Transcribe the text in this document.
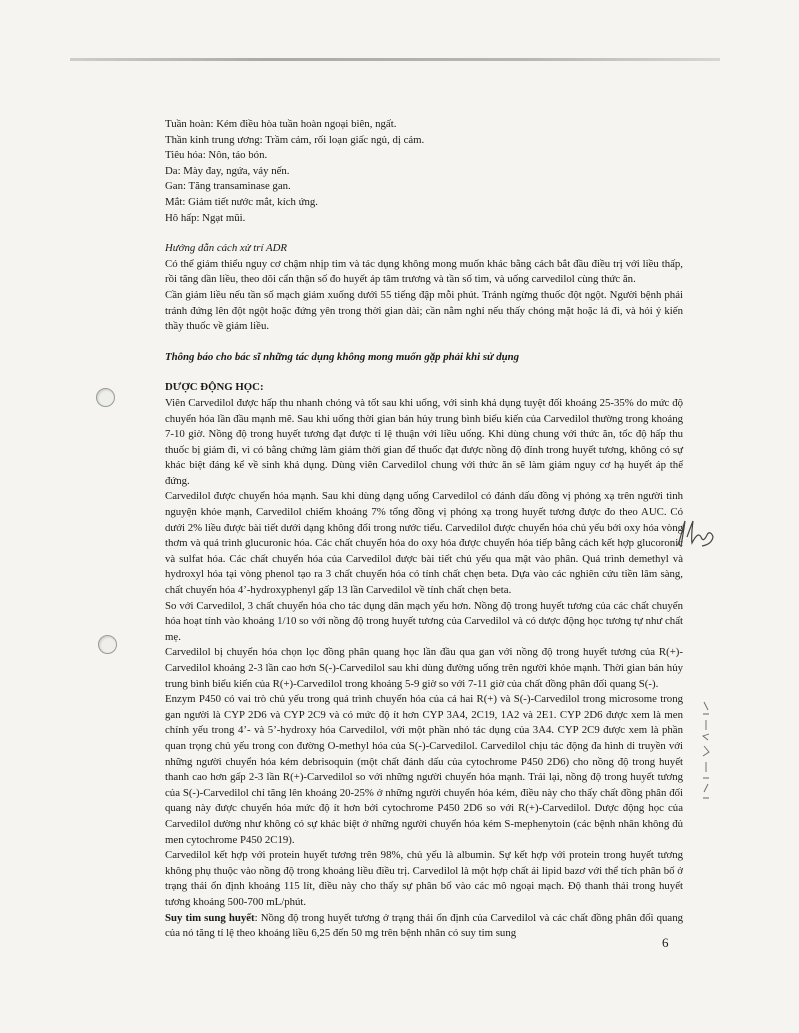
Tuần hoàn: Kém điều hòa tuần hoàn ngoại biên, ngất.
Thần kinh trung ương: Trầm cảm, rối loạn giấc ngủ, dị cảm.
Tiêu hóa: Nôn, táo bón.
Da: Mày đay, ngứa, vảy nến.
Gan: Tăng transaminase gan.
Mắt: Giảm tiết nước mắt, kích ứng.
Hô hấp: Ngạt mũi.
Hướng dẫn cách xử trí ADR

Có thể giảm thiểu nguy cơ chậm nhịp tim và tác dụng không mong muốn khác bằng cách bắt đầu điều trị với liều thấp, rồi tăng dần liều, theo dõi cẩn thận số đo huyết áp tâm trương và tần số tim, và uống carvedilol cùng thức ăn.

Cần giảm liều nếu tần số mạch giảm xuống dưới 55 tiếng đập mỗi phút. Tránh ngừng thuốc đột ngột. Người bệnh phải tránh đứng lên đột ngột hoặc đứng yên trong thời gian dài; cần nằm nghỉ nếu thấy chóng mặt hoặc lả đi, và hỏi ý kiến thầy thuốc về giảm liều.

Thông báo cho bác sĩ những tác dụng không mong muốn gặp phải khi sử dụng
DƯỢC ĐỘNG HỌC:

Viên Carvedilol được hấp thu nhanh chóng và tốt sau khi uống, với sinh khả dụng tuyệt đối khoảng 25-35% do mức độ chuyển hóa lần đầu mạnh mẽ. Sau khi uống thời gian bán hủy trung bình biểu kiến của Carvedilol thường trong khoảng 7-10 giờ. Nồng độ trong huyết tương đạt được tỉ lệ thuận với liều uống. Khi dùng chung với thức ăn, tốc độ hấp thu thuốc bị giảm đi, vì có bằng chứng làm giảm thời gian để thuốc đạt được nồng độ đỉnh trong huyết tương, không có sự khác biệt đáng kể về sinh khả dụng. Dùng viên Carvedilol chung với thức ăn sẽ làm giảm nguy cơ hạ huyết áp thế đứng.

Carvedilol được chuyển hóa mạnh. Sau khi dùng dạng uống Carvedilol có đánh dấu đồng vị phóng xạ trên người tình nguyện khỏe mạnh, Carvedilol chiếm khoảng 7% tổng đồng vị phóng xạ trong huyết tương được đo theo AUC. Có dưới 2% liều được bài tiết dưới dạng không đổi trong nước tiểu. Carvedilol được chuyển hóa chủ yếu bởi oxy hóa vòng thơm và quá trình glucuronic hóa. Các chất chuyển hóa do oxy hóa được chuyển hóa tiếp bằng cách kết hợp glucoronic và sulfat hóa. Các chất chuyển hóa của Carvedilol được bài tiết chủ yếu qua mật vào phân. Quá trình demethyl và hydroxyl hóa tại vòng phenol tạo ra 3 chất chuyển hóa có tính chất chẹn beta. Dựa vào các nghiên cứu tiền lâm sàng, chất chuyển hóa 4’-hydroxyphenyl gấp 13 lần Carvedilol về tính chất chẹn beta.

So với Carvedilol, 3 chất chuyển hóa cho tác dụng dãn mạch yếu hơn. Nồng độ trong huyết tương của các chất chuyển hóa hoạt tính vào khoảng 1/10 so với nồng độ trong huyết tương của Carvedilol và có dược động học tương tự như chất mẹ.

Carvedilol bị chuyển hóa chọn lọc đồng phân quang học lần đầu qua gan với nồng độ trong huyết tương của R(+)-Carvedilol khoảng 2-3 lần cao hơn S(-)-Carvedilol sau khi dùng đường uống trên người khỏe mạnh. Thời gian bán hủy trung bình biểu kiến của R(+)-Carvedilol trong khoảng 5-9 giờ so với 7-11 giờ của chất đồng phân đối quang S(-).

Enzym P450 có vai trò chủ yếu trong quá trình chuyển hóa của cả hai R(+) và S(-)-Carvedilol trong microsome trong gan người là CYP 2D6 và CYP 2C9 và có mức độ ít hơn CYP 3A4, 2C19, 1A2 và 2E1. CYP 2D6 được xem là men chính yếu trong 4’- và 5’-hydroxy hóa Carvedilol, với một phần nhỏ tác dụng của 3A4. CYP 2C9 được xem là phần quan trọng chủ yếu trong con đường O-methyl hóa của S(-)-Carvedilol. Carvedilol chịu tác động đa hình di truyền với những người chuyển hóa kém debrisoquin (một chất đánh dấu của cytochrome P450 2D6) cho nồng độ trong huyết thanh cao hơn gấp 2-3 lần R(+)-Carvedilol so với những người chuyển hóa mạnh. Trái lại, nồng độ trong huyết tương của S(-)-Carvedilol chỉ tăng lên khoảng 20-25% ở những người chuyển hóa kém, điều này cho thấy chất đồng phân đối quang này được chuyển hóa mức độ ít hơn bởi cytochrome P450 2D6 so với R(+)-Carvedilol. Dược động học của Carvedilol dường như không có sự khác biệt ở những người chuyển hóa kém S-mephenytoin (các bệnh nhân không đủ men cytochrome P450 2C19).

Carvedilol kết hợp với protein huyết tương trên 98%, chủ yếu là albumin. Sự kết hợp với protein trong huyết tương không phụ thuộc vào nồng độ trong khoảng liều điều trị. Carvedilol là một hợp chất ái lipid bazơ với thể tích phân bố ở trạng thái ổn định khoảng 115 lít, điều này cho thấy sự phân bố vào các mô ngoại mạch. Độ thanh thải trong huyết tương khoảng 500-700 mL/phút.

Suy tim sung huyết: Nồng độ trong huyết tương ở trạng thái ổn định của Carvedilol và các chất đồng phân đối quang của nó tăng tỉ lệ theo khoảng liều 6,25 đến 50 mg trên bệnh nhân có suy tim sung

6
